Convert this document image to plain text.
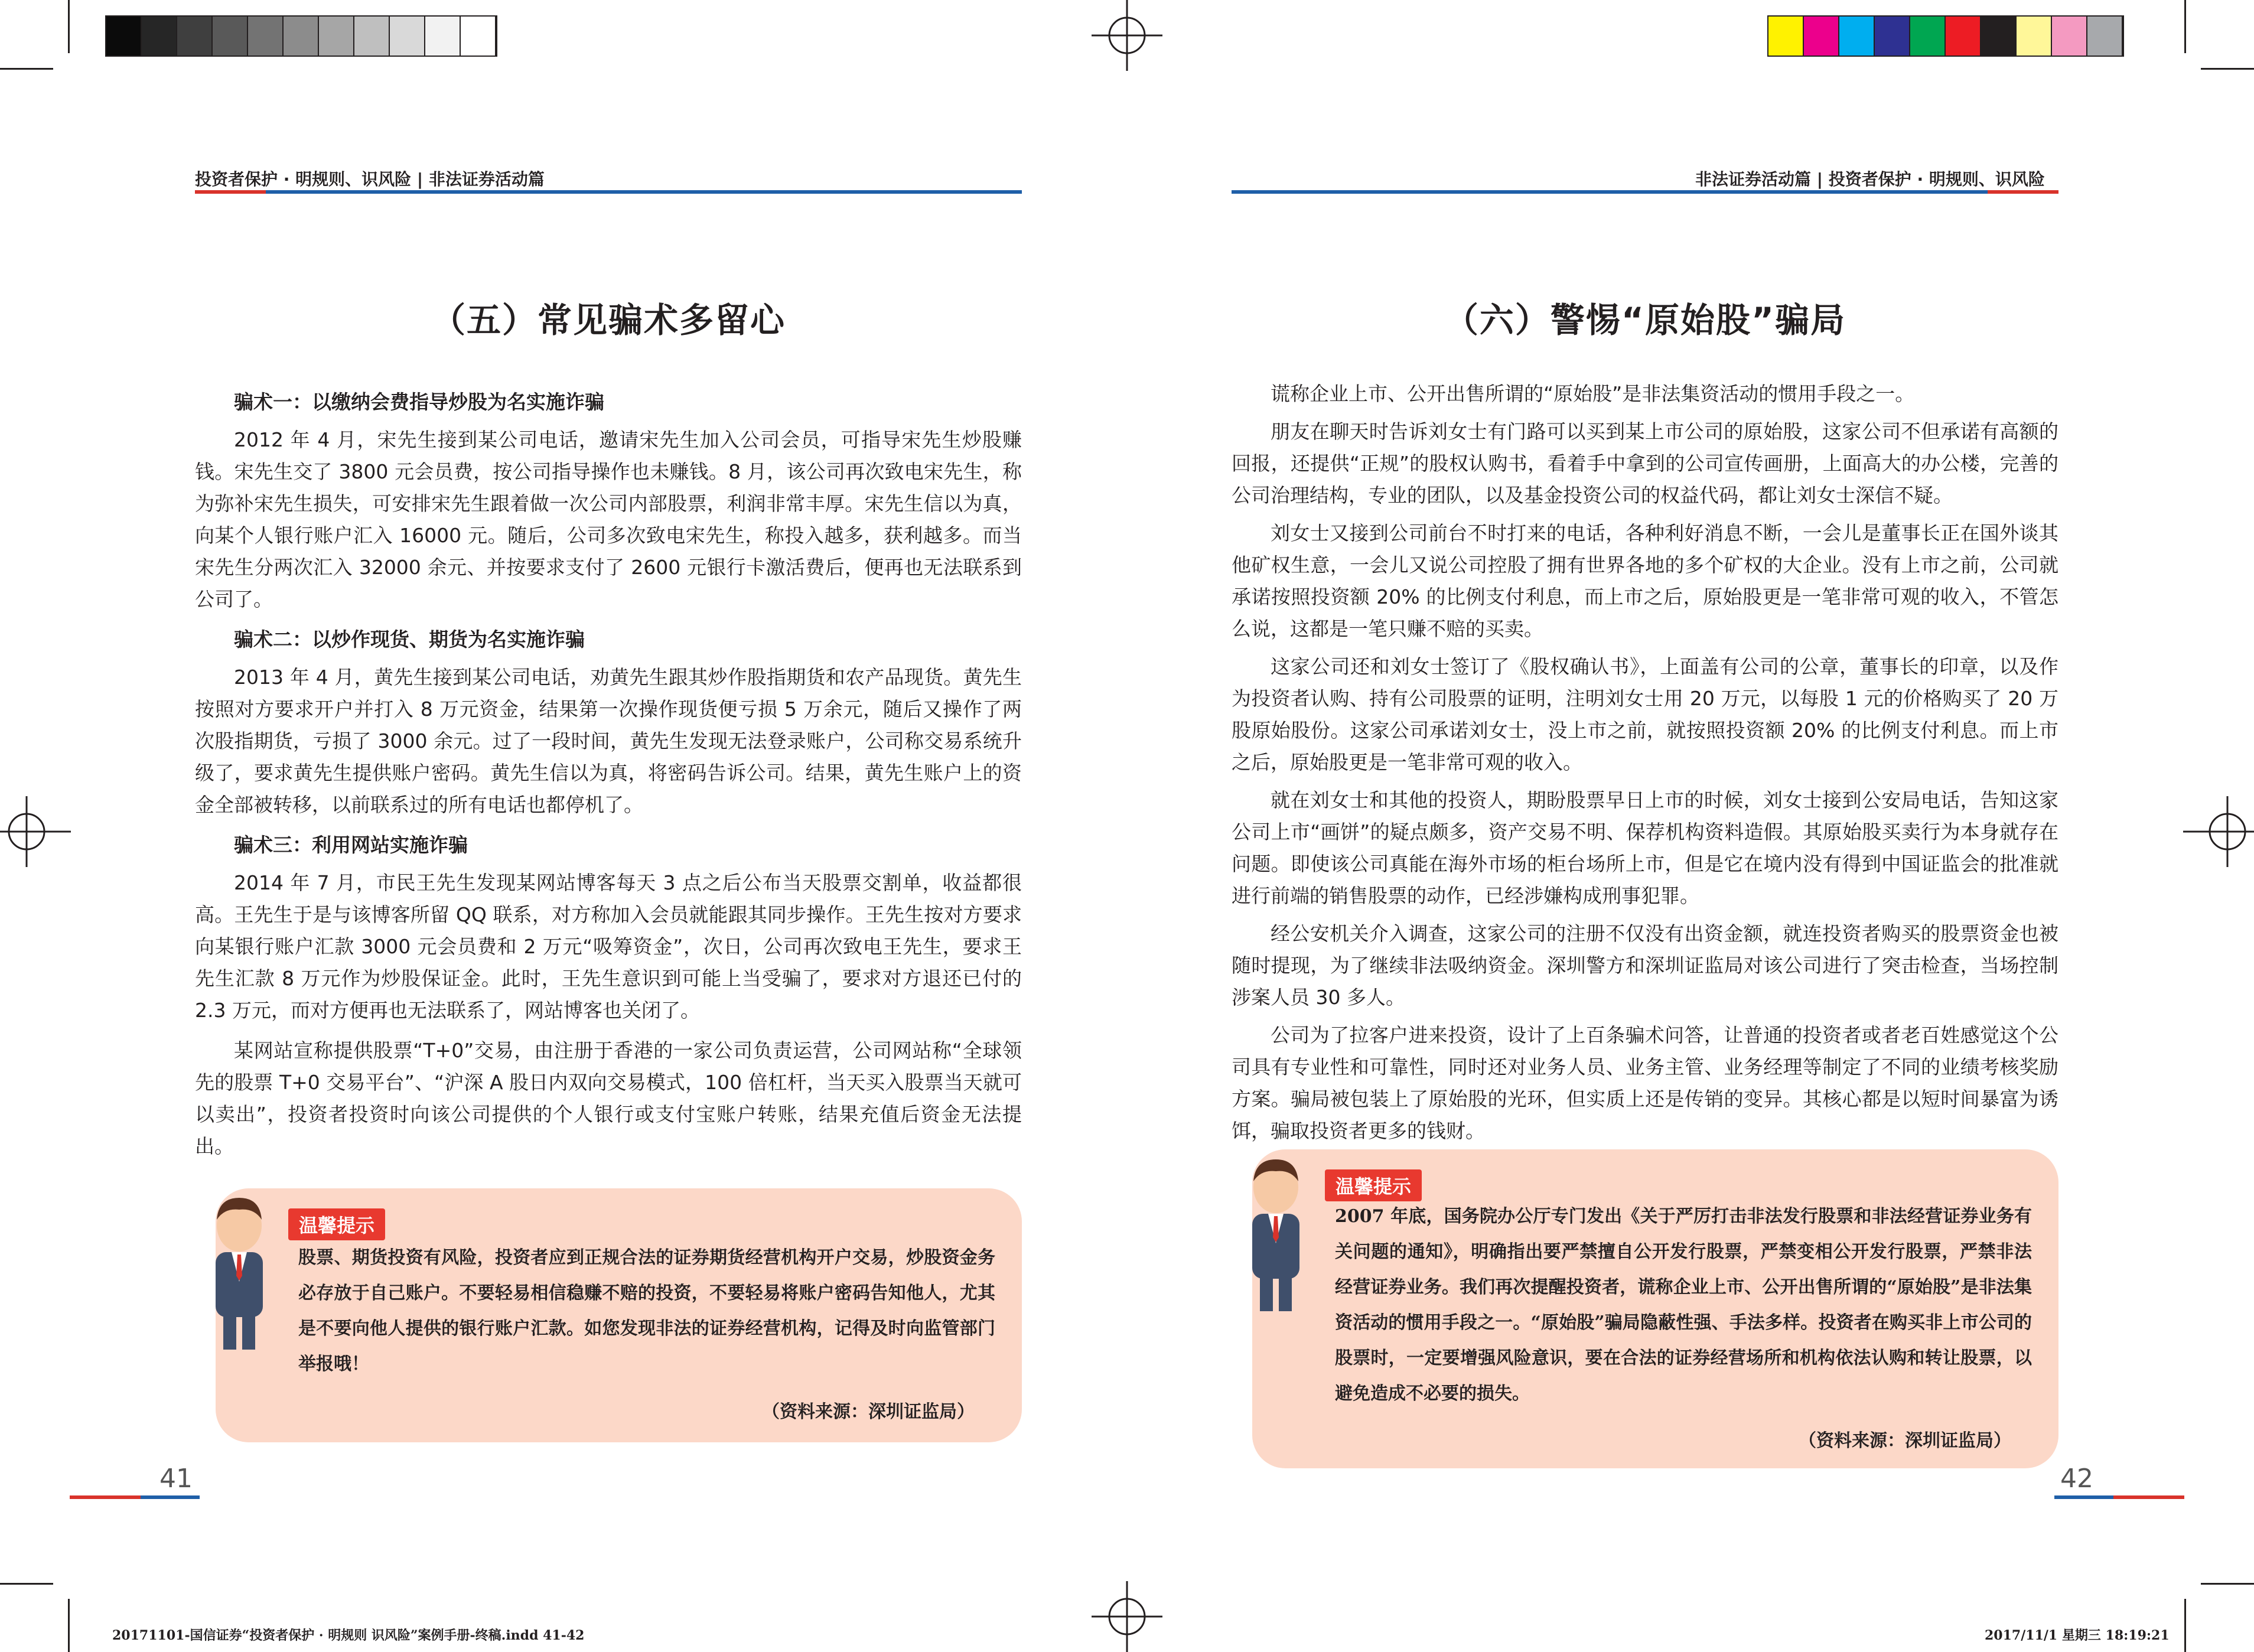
投资者保护 · 明规则、识风险 | 非法证券活动篇
（五）常见骗术多留心

骗术一：以缴纳会费指导炒股为名实施诈骗

2012 年 4 月，宋先生接到某公司电话，邀请宋先生加入公司会员，可指导宋先生炒股赚钱。宋先生交了 3800 元会员费，按公司指导操作也未赚钱。8 月，该公司再次致电宋先生，称为弥补宋先生损失，可安排宋先生跟着做一次公司内部股票，利润非常丰厚。宋先生信以为真，向某个人银行账户汇入 16000 元。随后，公司多次致电宋先生，称投入越多，获利越多。而当宋先生分两次汇入 32000 余元、并按要求支付了 2600 元银行卡激活费后，便再也无法联系到公司了。

骗术二：以炒作现货、期货为名实施诈骗

2013 年 4 月，黄先生接到某公司电话，劝黄先生跟其炒作股指期货和农产品现货。黄先生按照对方要求开户并打入 8 万元资金，结果第一次操作现货便亏损 5 万余元，随后又操作了两次股指期货，亏损了 3000 余元。过了一段时间，黄先生发现无法登录账户，公司称交易系统升级了，要求黄先生提供账户密码。黄先生信以为真，将密码告诉公司。结果，黄先生账户上的资金全部被转移，以前联系过的所有电话也都停机了。

骗术三：利用网站实施诈骗

2014 年 7 月，市民王先生发现某网站博客每天 3 点之后公布当天股票交割单，收益都很高。王先生于是与该博客所留 QQ 联系，对方称加入会员就能跟其同步操作。王先生按对方要求向某银行账户汇款 3000 元会员费和 2 万元“吸筹资金”，次日，公司再次致电王先生，要求王先生汇款 8 万元作为炒股保证金。此时，王先生意识到可能上当受骗了，要求对方退还已付的 2.3 万元，而对方便再也无法联系了，网站博客也关闭了。

某网站宣称提供股票“T+0”交易，由注册于香港的一家公司负责运营，公司网站称“全球领先的股票 T+0 交易平台”、“沪深 A 股日内双向交易模式，100 倍杠杆，当天买入股票当天就可以卖出”，投资者投资时向该公司提供的个人银行或支付宝账户转账，结果充值后资金无法提出。

温馨提示
股票、期货投资有风险，投资者应到正规合法的证券期货经营机构开户交易，炒股资金务必存放于自己账户。不要轻易相信稳赚不赔的投资，不要轻易将账户密码告知他人，尤其是不要向他人提供的银行账户汇款。如您发现非法的证券经营机构，记得及时向监管部门举报哦！
（资料来源：深圳证监局）
41
非法证券活动篇 | 投资者保护 · 明规则、识风险
（六）警惕“原始股”骗局

谎称企业上市、公开出售所谓的“原始股”是非法集资活动的惯用手段之一。

朋友在聊天时告诉刘女士有门路可以买到某上市公司的原始股，这家公司不但承诺有高额的回报，还提供“正规”的股权认购书，看着手中拿到的公司宣传画册，上面高大的办公楼，完善的公司治理结构，专业的团队，以及基金投资公司的权益代码，都让刘女士深信不疑。

刘女士又接到公司前台不时打来的电话，各种利好消息不断，一会儿是董事长正在国外谈其他矿权生意，一会儿又说公司控股了拥有世界各地的多个矿权的大企业。没有上市之前，公司就承诺按照投资额 20% 的比例支付利息，而上市之后，原始股更是一笔非常可观的收入，不管怎么说，这都是一笔只赚不赔的买卖。

这家公司还和刘女士签订了《股权确认书》，上面盖有公司的公章，董事长的印章，以及作为投资者认购、持有公司股票的证明，注明刘女士用 20 万元，以每股 1 元的价格购买了 20 万股原始股份。这家公司承诺刘女士，没上市之前，就按照投资额 20% 的比例支付利息。而上市之后，原始股更是一笔非常可观的收入。

就在刘女士和其他的投资人，期盼股票早日上市的时候，刘女士接到公安局电话，告知这家公司上市“画饼”的疑点颇多，资产交易不明、保荐机构资料造假。其原始股买卖行为本身就存在问题。即使该公司真能在海外市场的柜台场所上市，但是它在境内没有得到中国证监会的批准就进行前端的销售股票的动作，已经涉嫌构成刑事犯罪。

经公安机关介入调查，这家公司的注册不仅没有出资金额，就连投资者购买的股票资金也被随时提现，为了继续非法吸纳资金。深圳警方和深圳证监局对该公司进行了突击检查，当场控制涉案人员 30 多人。

公司为了拉客户进来投资，设计了上百条骗术问答，让普通的投资者或者老百姓感觉这个公司具有专业性和可靠性，同时还对业务人员、业务主管、业务经理等制定了不同的业绩考核奖励方案。骗局被包装上了原始股的光环，但实质上还是传销的变异。其核心都是以短时间暴富为诱饵，骗取投资者更多的钱财。

温馨提示
2007 年底，国务院办公厅专门发出《关于严厉打击非法发行股票和非法经营证券业务有关问题的通知》，明确指出要严禁擅自公开发行股票，严禁变相公开发行股票，严禁非法经营证券业务。我们再次提醒投资者，谎称企业上市、公开出售所谓的“原始股”是非法集资活动的惯用手段之一。“原始股”骗局隐蔽性强、手法多样。投资者在购买非上市公司的股票时，一定要增强风险意识，要在合法的证券经营场所和机构依法认购和转让股票，以避免造成不必要的损失。
（资料来源：深圳证监局）
42
20171101-国信证券“投资者保护 · 明规则 识风险”案例手册-终稿.indd 41-42	2017/11/1 星期三 18:19:21
